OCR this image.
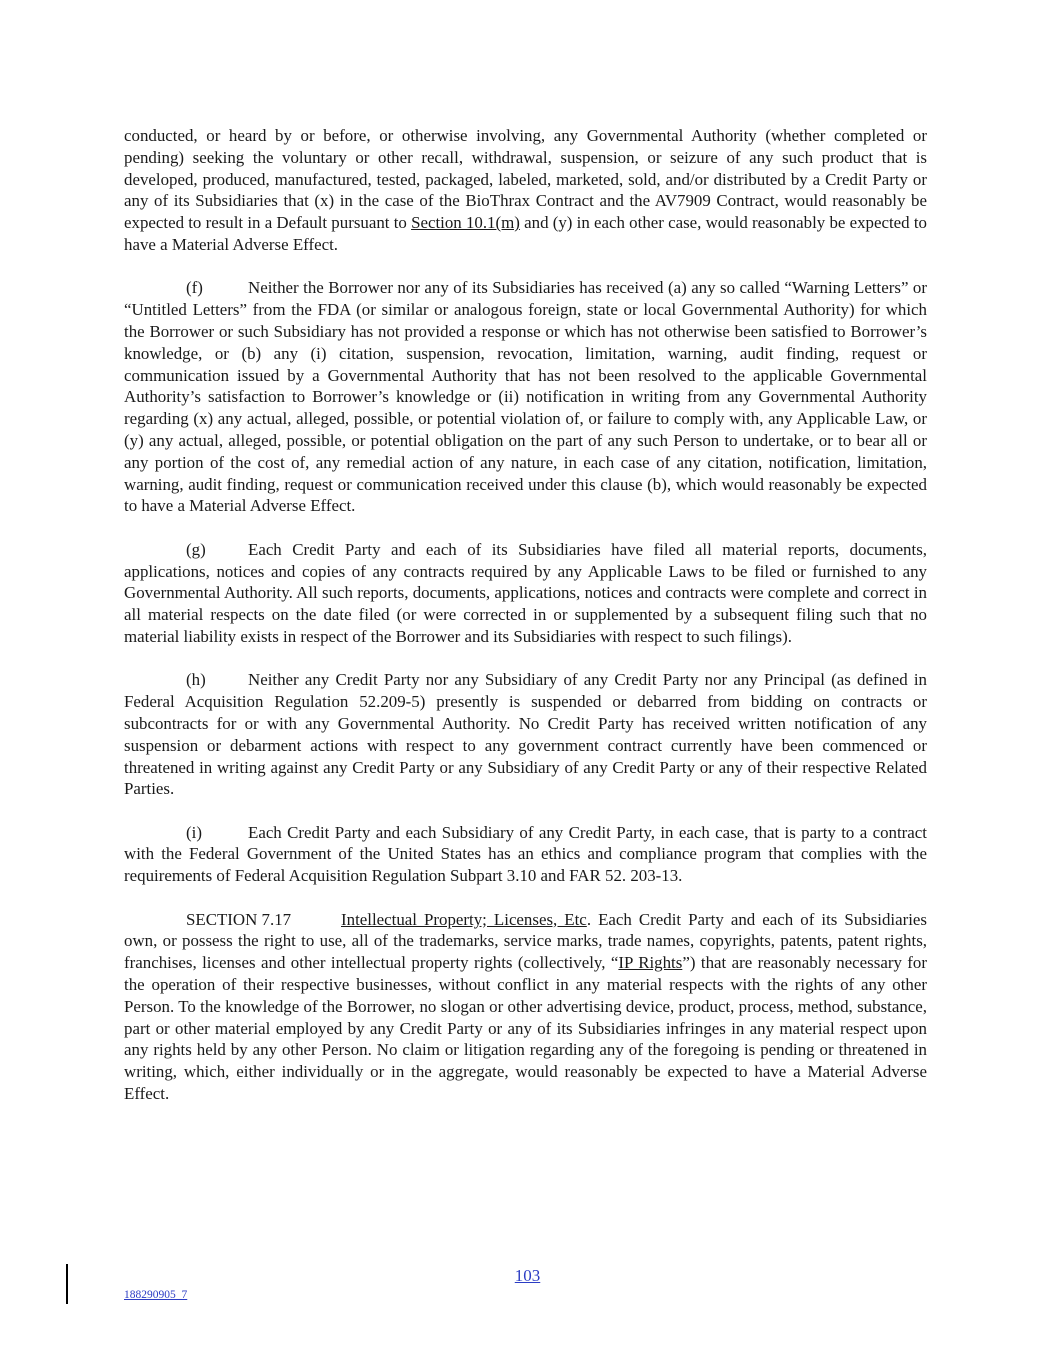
conducted, or heard by or before, or otherwise involving, any Governmental Authority (whether completed or pending) seeking the voluntary or other recall, withdrawal, suspension, or seizure of any such product that is developed, produced, manufactured, tested, packaged, labeled, marketed, sold, and/or distributed by a Credit Party or any of its Subsidiaries that (x) in the case of the BioThrax Contract and the AV7909 Contract, would reasonably be expected to result in a Default pursuant to Section 10.1(m) and (y) in each other case, would reasonably be expected to have a Material Adverse Effect.

(f)	Neither the Borrower nor any of its Subsidiaries has received (a) any so called “Warning Letters” or “Untitled Letters” from the FDA (or similar or analogous foreign, state or local Governmental Authority) for which the Borrower or such Subsidiary has not provided a response or which has not otherwise been satisfied to Borrower’s knowledge, or (b) any (i) citation, suspension, revocation, limitation, warning, audit finding, request or communication issued by a Governmental Authority that has not been resolved to the applicable Governmental Authority’s satisfaction to Borrower’s knowledge or (ii) notification in writing from any Governmental Authority regarding (x) any actual, alleged, possible, or potential violation of, or failure to comply with, any Applicable Law, or (y) any actual, alleged, possible, or potential obligation on the part of any such Person to undertake, or to bear all or any portion of the cost of, any remedial action of any nature, in each case of any citation, notification, limitation, warning, audit finding, request or communication received under this clause (b), which would reasonably be expected to have a Material Adverse Effect.

(g)	Each Credit Party and each of its Subsidiaries have filed all material reports, documents, applications, notices and copies of any contracts required by any Applicable Laws to be filed or furnished to any Governmental Authority. All such reports, documents, applications, notices and contracts were complete and correct in all material respects on the date filed (or were corrected in or supplemented by a subsequent filing such that no material liability exists in respect of the Borrower and its Subsidiaries with respect to such filings).

(h)	Neither any Credit Party nor any Subsidiary of any Credit Party nor any Principal (as defined in Federal Acquisition Regulation 52.209-5) presently is suspended or debarred from bidding on contracts or subcontracts for or with any Governmental Authority. No Credit Party has received written notification of any suspension or debarment actions with respect to any government contract currently have been commenced or threatened in writing against any Credit Party or any Subsidiary of any Credit Party or any of their respective Related Parties.

(i)	Each Credit Party and each Subsidiary of any Credit Party, in each case, that is party to a contract with the Federal Government of the United States has an ethics and compliance program that complies with the requirements of Federal Acquisition Regulation Subpart 3.10 and FAR 52. 203-13.

SECTION 7.17	Intellectual Property; Licenses, Etc. Each Credit Party and each of its Subsidiaries own, or possess the right to use, all of the trademarks, service marks, trade names, copyrights, patents, patent rights, franchises, licenses and other intellectual property rights (collectively, “IP Rights”) that are reasonably necessary for the operation of their respective businesses, without conflict in any material respects with the rights of any other Person. To the knowledge of the Borrower, no slogan or other advertising device, product, process, method, substance, part or other material employed by any Credit Party or any of its Subsidiaries infringes in any material respect upon any rights held by any other Person. No claim or litigation regarding any of the foregoing is pending or threatened in writing, which, either individually or in the aggregate, would reasonably be expected to have a Material Adverse Effect.

103
188290905_7
